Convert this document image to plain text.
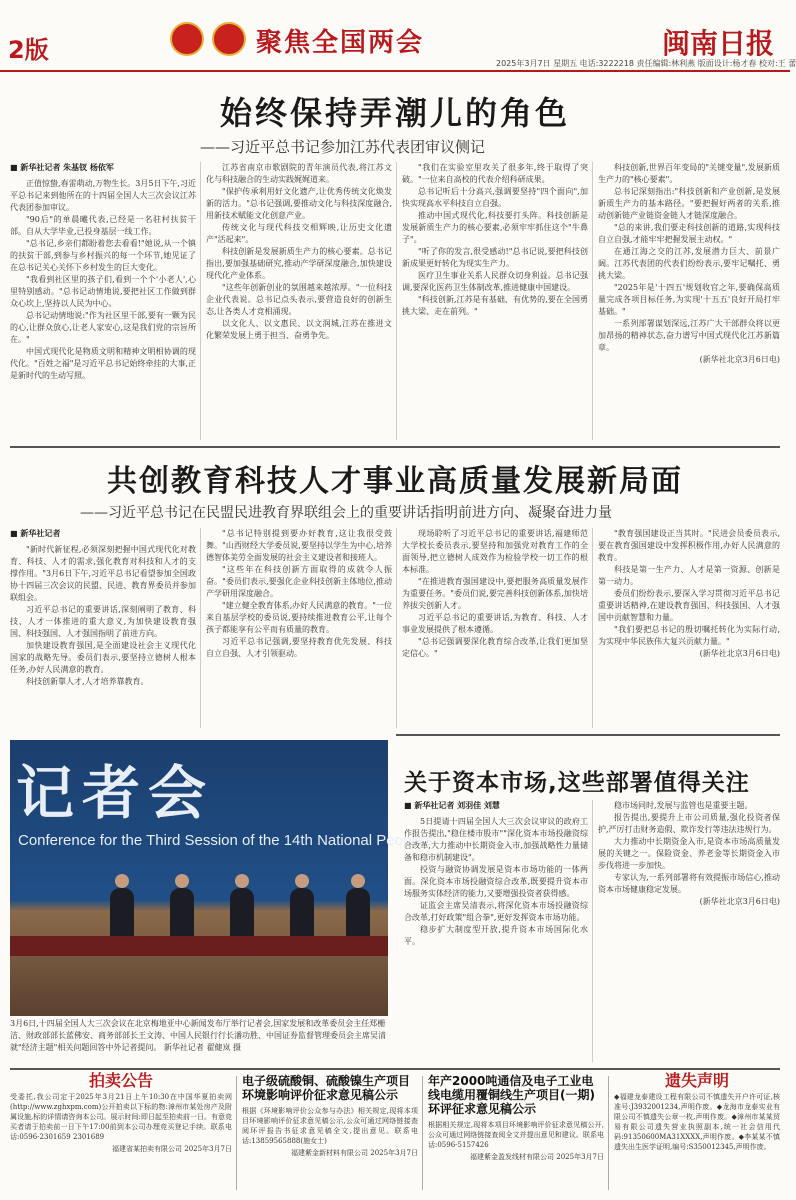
2版	聚焦全国两会	闽南日报
2025年3月7日 星期五 电话:3222218 责任编辑:林利燕 版面设计:杨才春 校对:王 蕾
始终保持弄潮儿的角色
——习近平总书记参加江苏代表团审议侧记
■ 新华社记者 朱基钗 杨依军

正值惊蛰,春雷萌动,万物生长。3月5日下午,习近平总书记来到他所在的十四届全国人大三次会议江苏代表团参加审议。

"90后"的单晨曦代表,已经是一名驻村扶贫干部。自从大学毕业,已投身基层一线工作。

"总书记,乡亲们都盼着您去看看!"她说,从一个镇的扶贫干部,到参与乡村振兴的每一个环节,她见证了在总书记关心关怀下乡村发生的巨大变化。

"我看到社区里的孩子们,看到一个个'小老人',心里特别感动。"总书记动情地说,要把社区工作做到群众心坎上,坚持以人民为中心。

总书记动情地说:"作为社区里干部,要有一颗为民的心,让群众放心,让老人家安心,这是我们党的宗旨所在。"

中国式现代化是物质文明和精神文明相协调的现代化。"百姓之福"是习近平总书记始终牵挂的大事,正是新时代的生动写照。

江苏省南京市歌剧院的青年演员代表,将江苏文化与科技融合的生动实践娓娓道来。

"保护传承利用好文化遗产,让优秀传统文化焕发新的活力。"总书记强调,要推动文化与科技深度融合,用新技术赋能文化创意产业。

传统文化与现代科技交相辉映,让历史文化遗产"活起来"。

科技创新是发展新质生产力的核心要素。总书记指出,要加强基础研究,推动产学研深度融合,加快建设现代化产业体系。

"这些年创新创业的氛围越来越浓厚。"一位科技企业代表说。总书记点头表示,要营造良好的创新生态,让各类人才竞相涌现。

以文化人、以文惠民、以文润城,江苏在推进文化繁荣发展上勇于担当、奋勇争先。

"我们在实验室里攻关了很多年,终于取得了突破。"一位来自高校的代表介绍科研成果。

总书记听后十分高兴,强调要坚持"四个面向",加快实现高水平科技自立自强。

推动中国式现代化,科技要打头阵。科技创新是发展新质生产力的核心要素,必须牢牢抓住这个"牛鼻子"。

"听了你的发言,很受感动!"总书记说,要把科技创新成果更好转化为现实生产力。

医疗卫生事业关系人民群众切身利益。总书记强调,要深化医药卫生体制改革,推进健康中国建设。

"科技创新,江苏是有基础、有优势的,要在全国勇挑大梁、走在前列。"

科技创新,世界百年变局的"关键变量",发展新质生产力的"核心要素"。

总书记深刻指出:"科技创新和产业创新,是发展新质生产力的基本路径。"要把握好两者的关系,推动创新链产业链资金链人才链深度融合。

"总的来讲,我们要走科技创新的道路,实现科技自立自强,才能牢牢把握发展主动权。"

在通江海之交的江苏,发展潜力巨大、前景广阔。江苏代表团的代表们纷纷表示,要牢记嘱托、勇挑大梁。

"2025年是'十四五'规划收官之年,要确保高质量完成各项目标任务,为实现'十五五'良好开局打牢基础。"

一系列部署谋划深远,江苏广大干部群众将以更加昂扬的精神状态,奋力谱写中国式现代化江苏新篇章。

(新华社北京3月6日电)

共创教育科技人才事业高质量发展新局面
——习近平总书记在民盟民进教育界联组会上的重要讲话指明前进方向、凝聚奋进力量
■ 新华社记者

"新时代新征程,必须深刻把握中国式现代化对教育、科技、人才的需求,强化教育对科技和人才的支撑作用。"3月6日下午,习近平总书记看望参加全国政协十四届三次会议的民盟、民进、教育界委员并参加联组会。

习近平总书记的重要讲话,深刻阐明了教育、科技、人才一体推进的重大意义,为加快建设教育强国、科技强国、人才强国指明了前进方向。

加快建设教育强国,是全面建设社会主义现代化国家的战略先导。委员们表示,要坚持立德树人根本任务,办好人民满意的教育。

科技创新靠人才,人才培养靠教育。

"总书记特别提到要办好教育,这让我很受鼓舞。"山西财经大学委员说,要坚持以学生为中心,培养德智体美劳全面发展的社会主义建设者和接班人。

"这些年在科技创新方面取得的成就令人振奋。"委员们表示,要强化企业科技创新主体地位,推动产学研用深度融合。

"建立健全教育体系,办好人民满意的教育。"一位来自基层学校的委员说,要持续推进教育公平,让每个孩子都能享有公平而有质量的教育。

习近平总书记强调,要坚持教育优先发展、科技自立自强、人才引领驱动。

现场聆听了习近平总书记的重要讲话,福建师范大学校长委员表示,要坚持和加强党对教育工作的全面领导,把立德树人成效作为检验学校一切工作的根本标准。

"在推进教育强国建设中,要把服务高质量发展作为重要任务。"委员们说,要完善科技创新体系,加快培养拔尖创新人才。

习近平总书记的重要讲话,为教育、科技、人才事业发展提供了根本遵循。

"总书记强调要深化教育综合改革,让我们更加坚定信心。"

"教育强国建设正当其时。"民进会员委员表示,要在教育强国建设中发挥积极作用,办好人民满意的教育。

科技是第一生产力、人才是第一资源、创新是第一动力。

委员们纷纷表示,要深入学习贯彻习近平总书记重要讲话精神,在建设教育强国、科技强国、人才强国中贡献智慧和力量。

"我们要把总书记的殷切嘱托转化为实际行动,为实现中华民族伟大复兴贡献力量。"

(新华社北京3月6日电)

记者会
Conference for the Third Session of the 14th National People's
3月6日,十四届全国人大三次会议在北京梅地亚中心新闻发布厅举行记者会,国家发展和改革委员会主任郑栅洁、财政部部长蓝佛安、商务部部长王文涛、中国人民银行行长潘功胜、中国证券监督管理委员会主席吴清就"经济主题"相关问题回答中外记者提问。 新华社记者 翟健岚 摄
关于资本市场,这些部署值得关注
■ 新华社记者 刘羽佳 刘慧

5日提请十四届全国人大三次会议审议的政府工作报告提出,"稳住楼市股市""深化资本市场投融资综合改革,大力推动中长期资金入市,加强战略性力量储备和稳市机制建设"。

投资与融资协调发展是资本市场功能的一体两面。深化资本市场投融资综合改革,既要提升资本市场服务实体经济的能力,又要增强投资者获得感。

证监会主席吴清表示,将深化资本市场投融资综合改革,打好政策"组合拳",更好发挥资本市场功能。

稳步扩大制度型开放,提升资本市场国际化水平。

稳市场同时,发展与监管也是重要主题。

报告提出,要提升上市公司质量,强化投资者保护,严厉打击财务造假、欺诈发行等违法违规行为。

大力推动中长期资金入市,是资本市场高质量发展的关键之一。保险资金、养老金等长期资金入市步伐将进一步加快。

专家认为,一系列部署将有效提振市场信心,推动资本市场健康稳定发展。

(新华社北京3月6日电)

拍卖公告

受委托,我公司定于2025年3月21日上午10:30在中国华夏拍卖网(http://www.zghxpm.com)公开拍卖以下标的物:漳州市某处房产及附属设施,标的详情请咨询本公司。展示时间:即日起至拍卖前一日。有意竞买者请于拍卖前一日下午17:00前到本公司办理竞买登记手续。联系电话:0596-2301659 2301689

福建省某拍卖有限公司 2025年3月7日

电子级硫酸铜、硫酸镍生产项目环境影响评价征求意见稿公示

根据《环境影响评价公众参与办法》相关规定,现将本项目环境影响评价征求意见稿公示,公众可通过网络链接查阅环评报告书征求意见稿全文,提出意见。联系电话:13859565888(施女士)

福建紫金新材料有限公司 2025年3月7日

年产2000吨通信及电子工业电线电缆用覆铜线生产项目(一期)环评征求意见稿公示

根据相关规定,现将本项目环境影响评价征求意见稿公开,公众可通过网络链接查阅全文并提出意见和建议。联系电话:0596-5157426

福建紫金盈发线材有限公司 2025年3月7日

遗失声明

◆福建龙泰建设工程有限公司不慎遗失开户许可证,核准号:J3932001234,声明作废。◆龙海市龙泰实业有限公司不慎遗失公章一枚,声明作废。◆漳州市某某贸易有限公司遗失营业执照副本,统一社会信用代码:91350600MA31XXXX,声明作废。◆李某某不慎遗失出生医学证明,编号:S350012345,声明作废。
